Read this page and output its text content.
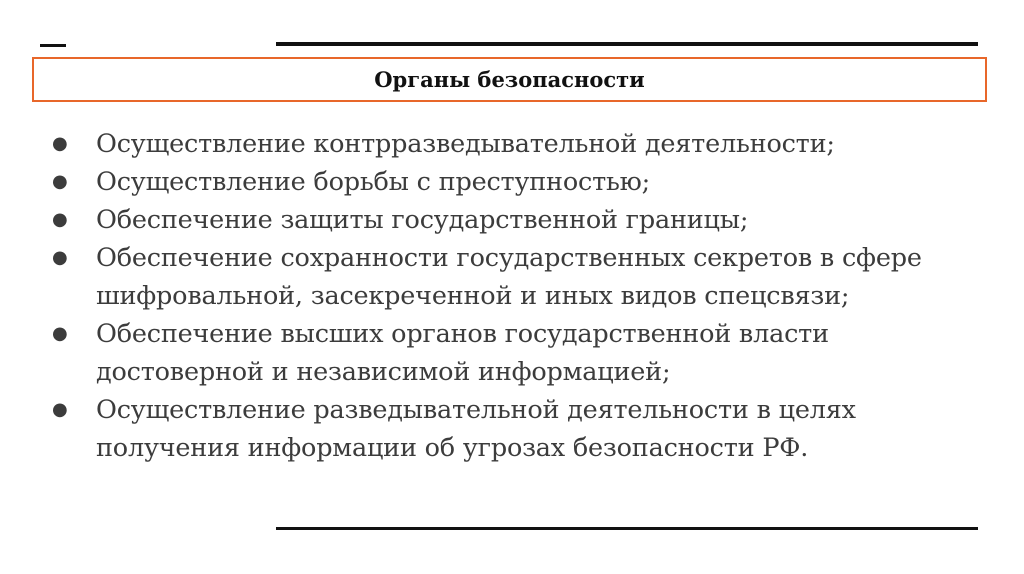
Органы безопасности
●	Осуществление контрразведывательной деятельности;
●	Осуществление борьбы с преступностью;
●	Обеспечение защиты государственной границы;
●	Обеспечение сохранности государственных секретов в сфере
шифровальной, засекреченной и иных видов спецсвязи;
●	Обеспечение высших органов государственной власти
достоверной и независимой информацией;
●	Осуществление разведывательной деятельности в целях
получения информации об угрозах безопасности РФ.
